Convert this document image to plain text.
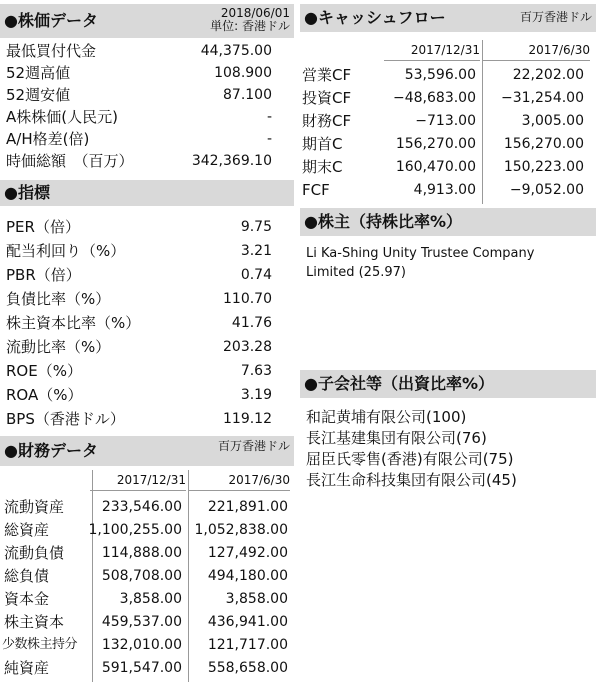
●株価データ	2018/06/01
単位: 香港ドル
最低買付代金	44,375.00
52週高値	108.900
52週安値	87.100
A株株価(人民元)	-
A/H格差(倍)	-
時価総額　（百万）	342,369.10
●指標
PER（倍）	9.75
配当利回り（%）	3.21
PBR（倍）	0.74
負債比率（%）	110.70
株主資本比率（%）	41.76
流動比率（%）	203.28
ROE（%）	7.63
ROA（%）	3.19
BPS（香港ドル）	119.12
●財務データ	百万香港ドル
2017/12/31	2017/6/30
流動資産	233,546.00 221,891.00
総資産	1,100,255.00 1,052,838.00
流動負債	114,888.00 127,492.00
総負債	508,708.00 494,180.00
資本金	3,858.00	3,858.00
株主資本	459,537.00 436,941.00
少数株主持分 132,010.00 121,717.00
純資産	591,547.00 558,658.00
●キャッシュフロー	百万香港ドル
2017/12/31	2017/6/30
営業CF	53,596.00	22,202.00
投資CF	−48,683.00 −31,254.00
財務CF	−713.00	3,005.00
期首C	156,270.00 156,270.00
期末C	160,470.00 150,223.00
FCF	4,913.00 −9,052.00
●株主（持株比率%）
Li Ka-Shing Unity Trustee Company
Limited (25.97)
●子会社等（出資比率%）
和記黄埔有限公司(100)
長江基建集団有限公司(76)
屈臣氏零售(香港)有限公司(75)
長江生命科技集団有限公司(45)
